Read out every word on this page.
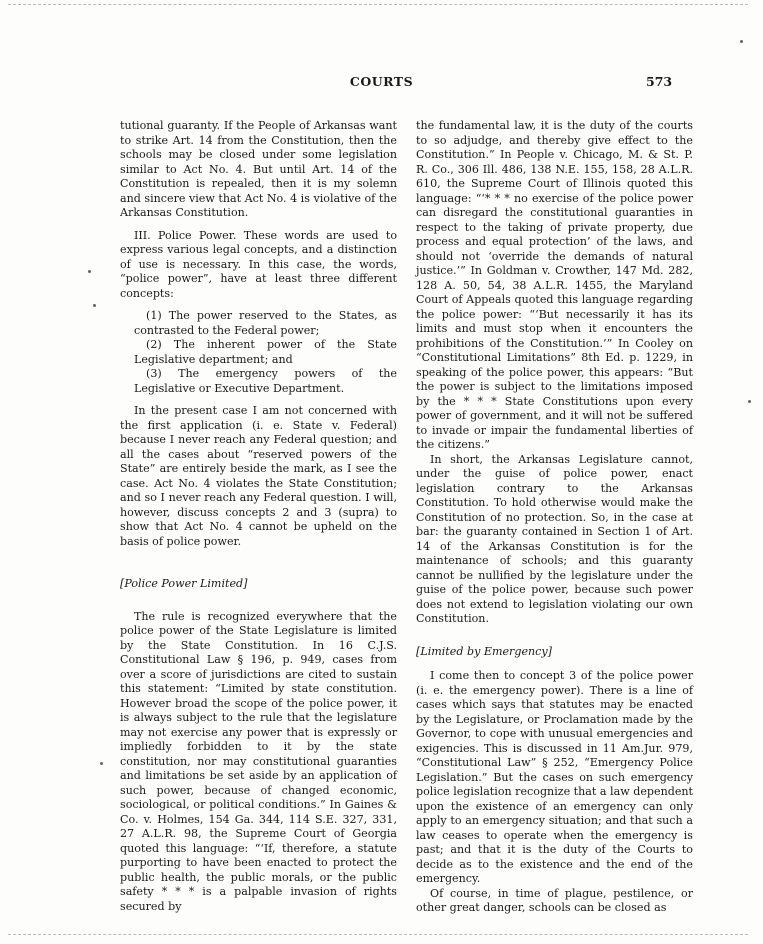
COURTS	573

tutional guaranty. If the People of Arkansas want to strike Art. 14 from the Constitution, then the schools may be closed under some legislation similar to Act No. 4. But until Art. 14 of the Constitution is repealed, then it is my solemn and sincere view that Act No. 4 is violative of the Arkansas Constitution.

III. Police Power. These words are used to express various legal concepts, and a distinction of use is necessary. In this case, the words, “police power”, have at least three different concepts:

(1) The power reserved to the States, as contrasted to the Federal power;

(2) The inherent power of the State Legislative department; and

(3) The emergency powers of the Legislative or Executive Department.

In the present case I am not concerned with the first application (i. e. State v. Federal) because I never reach any Federal question; and all the cases about “reserved powers of the State” are entirely beside the mark, as I see the case. Act No. 4 violates the State Constitution; and so I never reach any Federal question. I will, however, discuss concepts 2 and 3 (supra) to show that Act No. 4 cannot be upheld on the basis of police power.

[Police Power Limited]

The rule is recognized everywhere that the police power of the State Legislature is limited by the State Constitution. In 16 C.J.S. Constitutional Law § 196, p. 949, cases from over a score of jurisdictions are cited to sustain this statement: “Limited by state constitution. However broad the scope of the police power, it is always subject to the rule that the legislature may not exercise any power that is expressly or impliedly forbidden to it by the state constitution, nor may constitutional guaranties and limitations be set aside by an application of such power, because of changed economic, sociological, or political conditions.” In Gaines & Co. v. Holmes, 154 Ga. 344, 114 S.E. 327, 331, 27 A.L.R. 98, the Supreme Court of Georgia quoted this language: “‘If, therefore, a statute purporting to have been enacted to protect the public health, the public morals, or the public safety * * * is a palpable invasion of rights secured by

the fundamental law, it is the duty of the courts to so adjudge, and thereby give effect to the Constitution.” In People v. Chicago, M. & St. P. R. Co., 306 Ill. 486, 138 N.E. 155, 158, 28 A.L.R. 610, the Supreme Court of Illinois quoted this language: “‘* * * no exercise of the police power can disregard the constitutional guaranties in respect to the taking of private property, due process and equal protection’ of the laws, and should not ‘override the demands of natural justice.’” In Goldman v. Crowther, 147 Md. 282, 128 A. 50, 54, 38 A.L.R. 1455, the Maryland Court of Appeals quoted this language regarding the police power: “‘But necessarily it has its limits and must stop when it encounters the prohibitions of the Constitution.’” In Cooley on “Constitutional Limitations” 8th Ed. p. 1229, in speaking of the police power, this appears: “But the power is subject to the limitations imposed by the * * * State Constitutions upon every power of government, and it will not be suffered to invade or impair the fundamental liberties of the citizens.”

In short, the Arkansas Legislature cannot, under the guise of police power, enact legislation contrary to the Arkansas Constitution. To hold otherwise would make the Constitution of no protection. So, in the case at bar: the guaranty contained in Section 1 of Art. 14 of the Arkansas Constitution is for the maintenance of schools; and this guaranty cannot be nullified by the legislature under the guise of the police power, because such power does not extend to legislation violating our own Constitution.

[Limited by Emergency]

I come then to concept 3 of the police power (i. e. the emergency power). There is a line of cases which says that statutes may be enacted by the Legislature, or Proclamation made by the Governor, to cope with unusual emergencies and exigencies. This is discussed in 11 Am.Jur. 979, “Constitutional Law” § 252, “Emergency Police Legislation.” But the cases on such emergency police legislation recognize that a law dependent upon the existence of an emergency can only apply to an emergency situation; and that such a law ceases to operate when the emergency is past; and that it is the duty of the Courts to decide as to the existence and the end of the emergency.

Of course, in time of plague, pestilence, or other great danger, schools can be closed as
